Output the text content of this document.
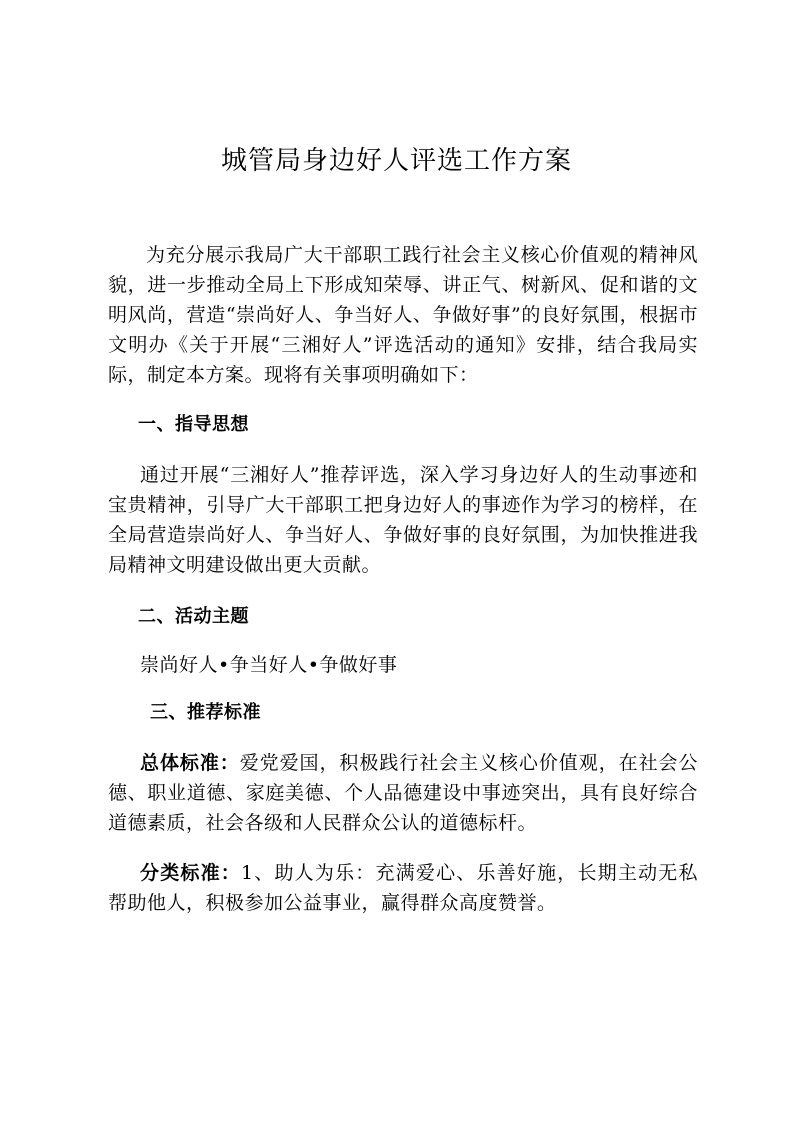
城管局身边好人评选工作方案

为充分展示我局广大干部职工践行社会主义核心价值观的精神风貌，进一步推动全局上下形成知荣辱、讲正气、树新风、促和谐的文明风尚，营造“崇尚好人、争当好人、争做好事”的良好氛围，根据市文明办《关于开展“三湘好人”评选活动的通知》安排，结合我局实际，制定本方案。现将有关事项明确如下：

一、指导思想

通过开展“三湘好人”推荐评选，深入学习身边好人的生动事迹和宝贵精神，引导广大干部职工把身边好人的事迹作为学习的榜样，在全局营造崇尚好人、争当好人、争做好事的良好氛围，为加快推进我局精神文明建设做出更大贡献。

二、活动主题

崇尚好人•争当好人•争做好事

三、推荐标准

总体标准：爱党爱国，积极践行社会主义核心价值观，在社会公德、职业道德、家庭美德、个人品德建设中事迹突出，具有良好综合道德素质，社会各级和人民群众公认的道德标杆。

分类标准：1、助人为乐：充满爱心、乐善好施，长期主动无私帮助他人，积极参加公益事业，赢得群众高度赞誉。
